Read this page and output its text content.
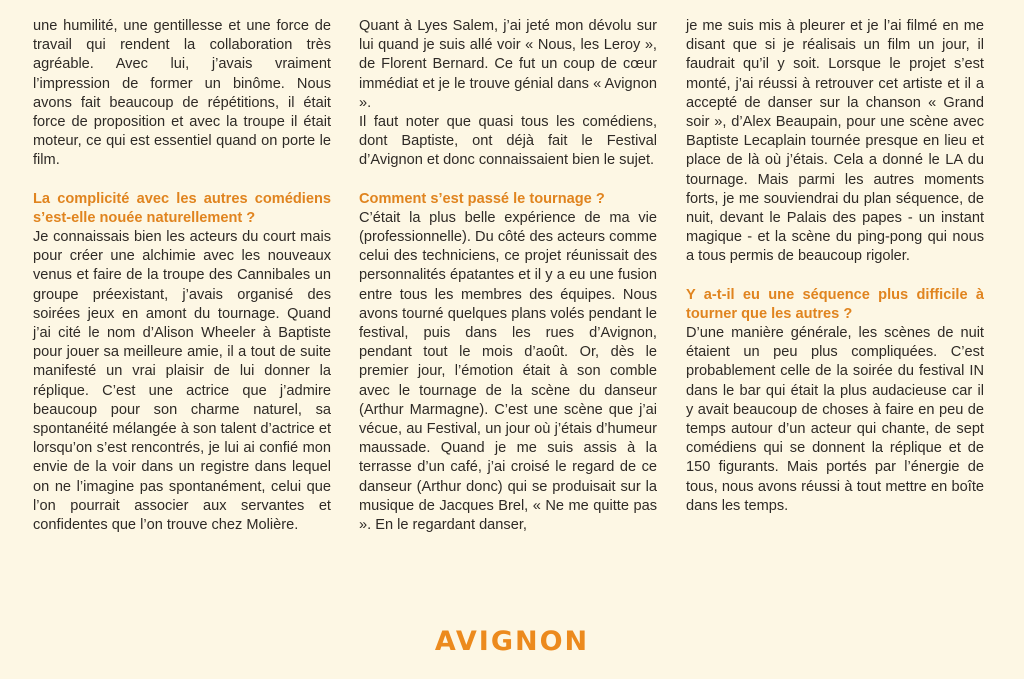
une humilité, une gentillesse et une force de travail qui rendent la collaboration très agréable. Avec lui, j’avais vraiment l’impression de former un binôme. Nous avons fait beaucoup de répétitions, il était force de proposition et avec la troupe il était moteur, ce qui est essentiel quand on porte le film.

La complicité avec les autres comédiens s’est-elle nouée naturellement ?

Je connaissais bien les acteurs du court mais pour créer une alchimie avec les nouveaux venus et faire de la troupe des Cannibales un groupe préexistant, j’avais organisé des soirées jeux en amont du tournage. Quand j’ai cité le nom d’Alison Wheeler à Baptiste pour jouer sa meilleure amie, il a tout de suite manifesté un vrai plaisir de lui donner la réplique. C’est une actrice que j’admire beaucoup pour son charme naturel, sa spontanéité mélangée à son talent d’actrice et lorsqu’on s’est rencontrés, je lui ai confié mon envie de la voir dans un registre dans lequel on ne l’imagine pas spontanément, celui que l’on pourrait associer aux servantes et confidentes que l’on trouve chez Molière.

Quant à Lyes Salem, j’ai jeté mon dévolu sur lui quand je suis allé voir « Nous, les Leroy », de Florent Bernard. Ce fut un coup de cœur immédiat et je le trouve génial dans « Avignon ».

Il faut noter que quasi tous les comédiens, dont Baptiste, ont déjà fait le Festival d’Avignon et donc connaissaient bien le sujet.

Comment s’est passé le tournage ?

C’était la plus belle expérience de ma vie (professionnelle). Du côté des acteurs comme celui des techniciens, ce projet réunissait des personnalités épatantes et il y a eu une fusion entre tous les membres des équipes. Nous avons tourné quelques plans volés pendant le festival, puis dans les rues d’Avignon, pendant tout le mois d’août. Or, dès le premier jour, l’émotion était à son comble avec le tournage de la scène du danseur (Arthur Marmagne). C’est une scène que j’ai vécue, au Festival, un jour où j’étais d’humeur maussade. Quand je me suis assis à la terrasse d’un café, j’ai croisé le regard de ce danseur (Arthur donc) qui se produisait sur la musique de Jacques Brel, « Ne me quitte pas ». En le regardant danser,

je me suis mis à pleurer et je l’ai filmé en me disant que si je réalisais un film un jour, il faudrait qu’il y soit. Lorsque le projet s’est monté, j’ai réussi à retrouver cet artiste et il a accepté de danser sur la chanson « Grand soir », d’Alex Beaupain, pour une scène avec Baptiste Lecaplain tournée presque en lieu et place de là où j’étais. Cela a donné le LA du tournage. Mais parmi les autres moments forts, je me souviendrai du plan séquence, de nuit, devant le Palais des papes - un instant magique - et la scène du ping-pong qui nous a tous permis de beaucoup rigoler.

Y a-t-il eu une séquence plus difficile à tourner que les autres ?

D’une manière générale, les scènes de nuit étaient un peu plus compliquées. C’est probablement celle de la soirée du festival IN dans le bar qui était la plus audacieuse car il y avait beaucoup de choses à faire en peu de temps autour d’un acteur qui chante, de sept comédiens qui se donnent la réplique et de 150 figurants. Mais portés par l’énergie de tous, nous avons réussi à tout mettre en boîte dans les temps.

AVIGNON
